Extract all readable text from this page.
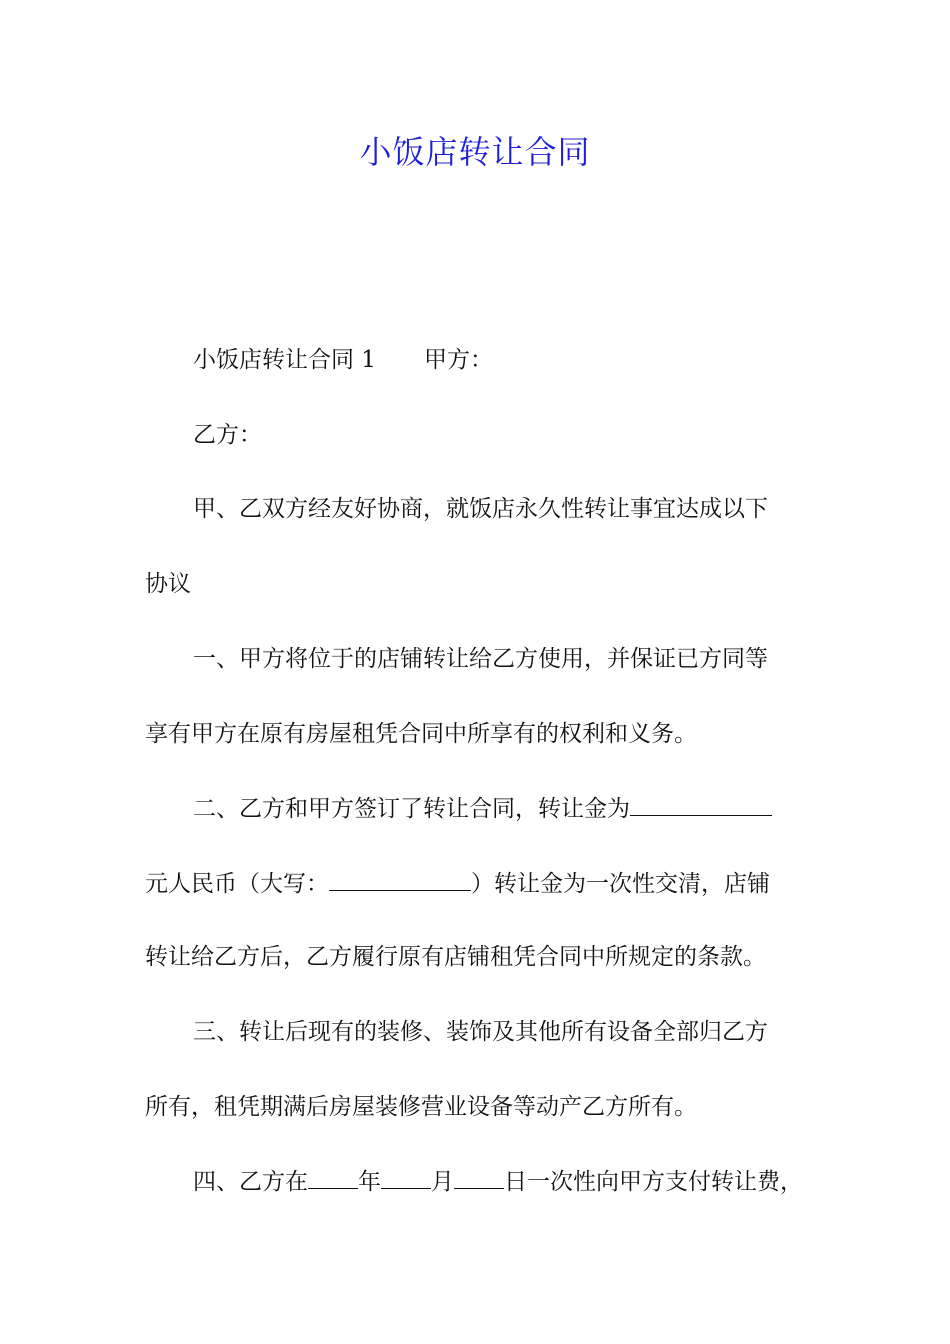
小饭店转让合同
小饭店转让合同 1 甲方：
乙方：
甲、乙双方经友好协商，就饭店永久性转让事宜达成以下
协议
一、甲方将位于的店铺转让给乙方使用，并保证已方同等
享有甲方在原有房屋租凭合同中所享有的权利和义务。
二、乙方和甲方签订了转让合同，转让金为
元人民币（大写：	）转让金为一次性交清，店铺
转让给乙方后，乙方履行原有店铺租凭合同中所规定的条款。
三、转让后现有的装修、装饰及其他所有设备全部归乙方
所有，租凭期满后房屋装修营业设备等动产乙方所有。
四、乙方在 年 月 日一次性向甲方支付转让费，
